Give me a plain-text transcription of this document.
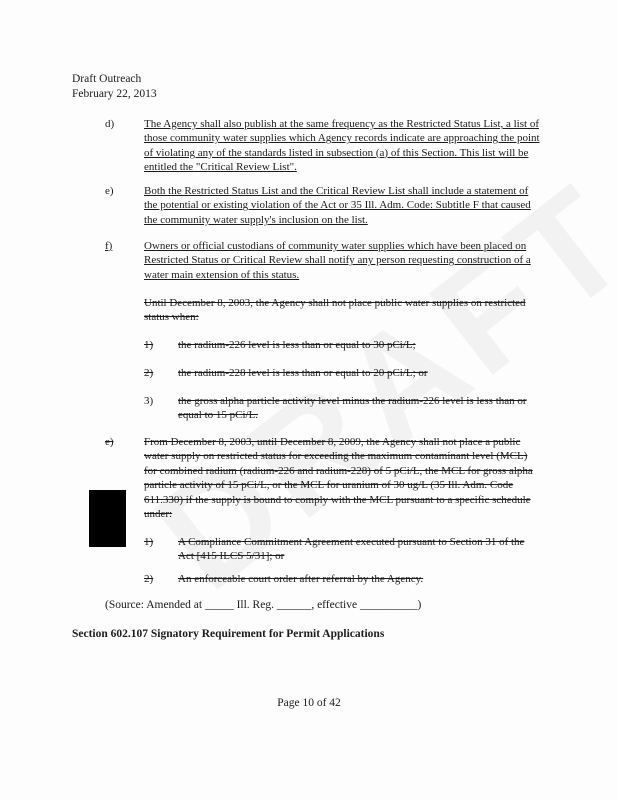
Draft Outreach
February 22, 2013
d)	The Agency shall also publish at the same frequency as the Restricted Status List, a list of those community water supplies which Agency records indicate are approaching the point of violating any of the standards listed in subsection (a) of this Section. This list will be entitled the "Critical Review List".
e)	Both the Restricted Status List and the Critical Review List shall include a statement of the potential or existing violation of the Act or 35 Ill. Adm. Code: Subtitle F that caused the community water supply's inclusion on the list.
f)	Owners or official custodians of community water supplies which have been placed on Restricted Status or Critical Review shall notify any person requesting construction of a water main extension of this status.
Until December 8, 2003, the Agency shall not place public water supplies on restricted status when:
1) the radium-226 level is less than or equal to 30 pCi/L;
2) the radium-228 level is less than or equal to 20 pCi/L; or
3) the gross alpha particle activity level minus the radium-226 level is less than or equal to 15 pCi/L.
e)	From December 8, 2003, until December 8, 2009, the Agency shall not place a public water supply on restricted status for exceeding the maximum contaminant level (MCL) for combined radium (radium-226 and radium-228) of 5 pCi/L, the MCL for gross alpha particle activity of 15 pCi/L, or the MCL for uranium of 30 ug/L (35 Ill. Adm. Code 611.330) if the supply is bound to comply with the MCL pursuant to a specific schedule under:
1) A Compliance Commitment Agreement executed pursuant to Section 31 of the Act [415 ILCS 5/31]; or
2) An enforceable court order after referral by the Agency.
(Source: Amended at _____ Ill. Reg. ______, effective __________)
Section 602.107 Signatory Requirement for Permit Applications
Page 10 of 42
